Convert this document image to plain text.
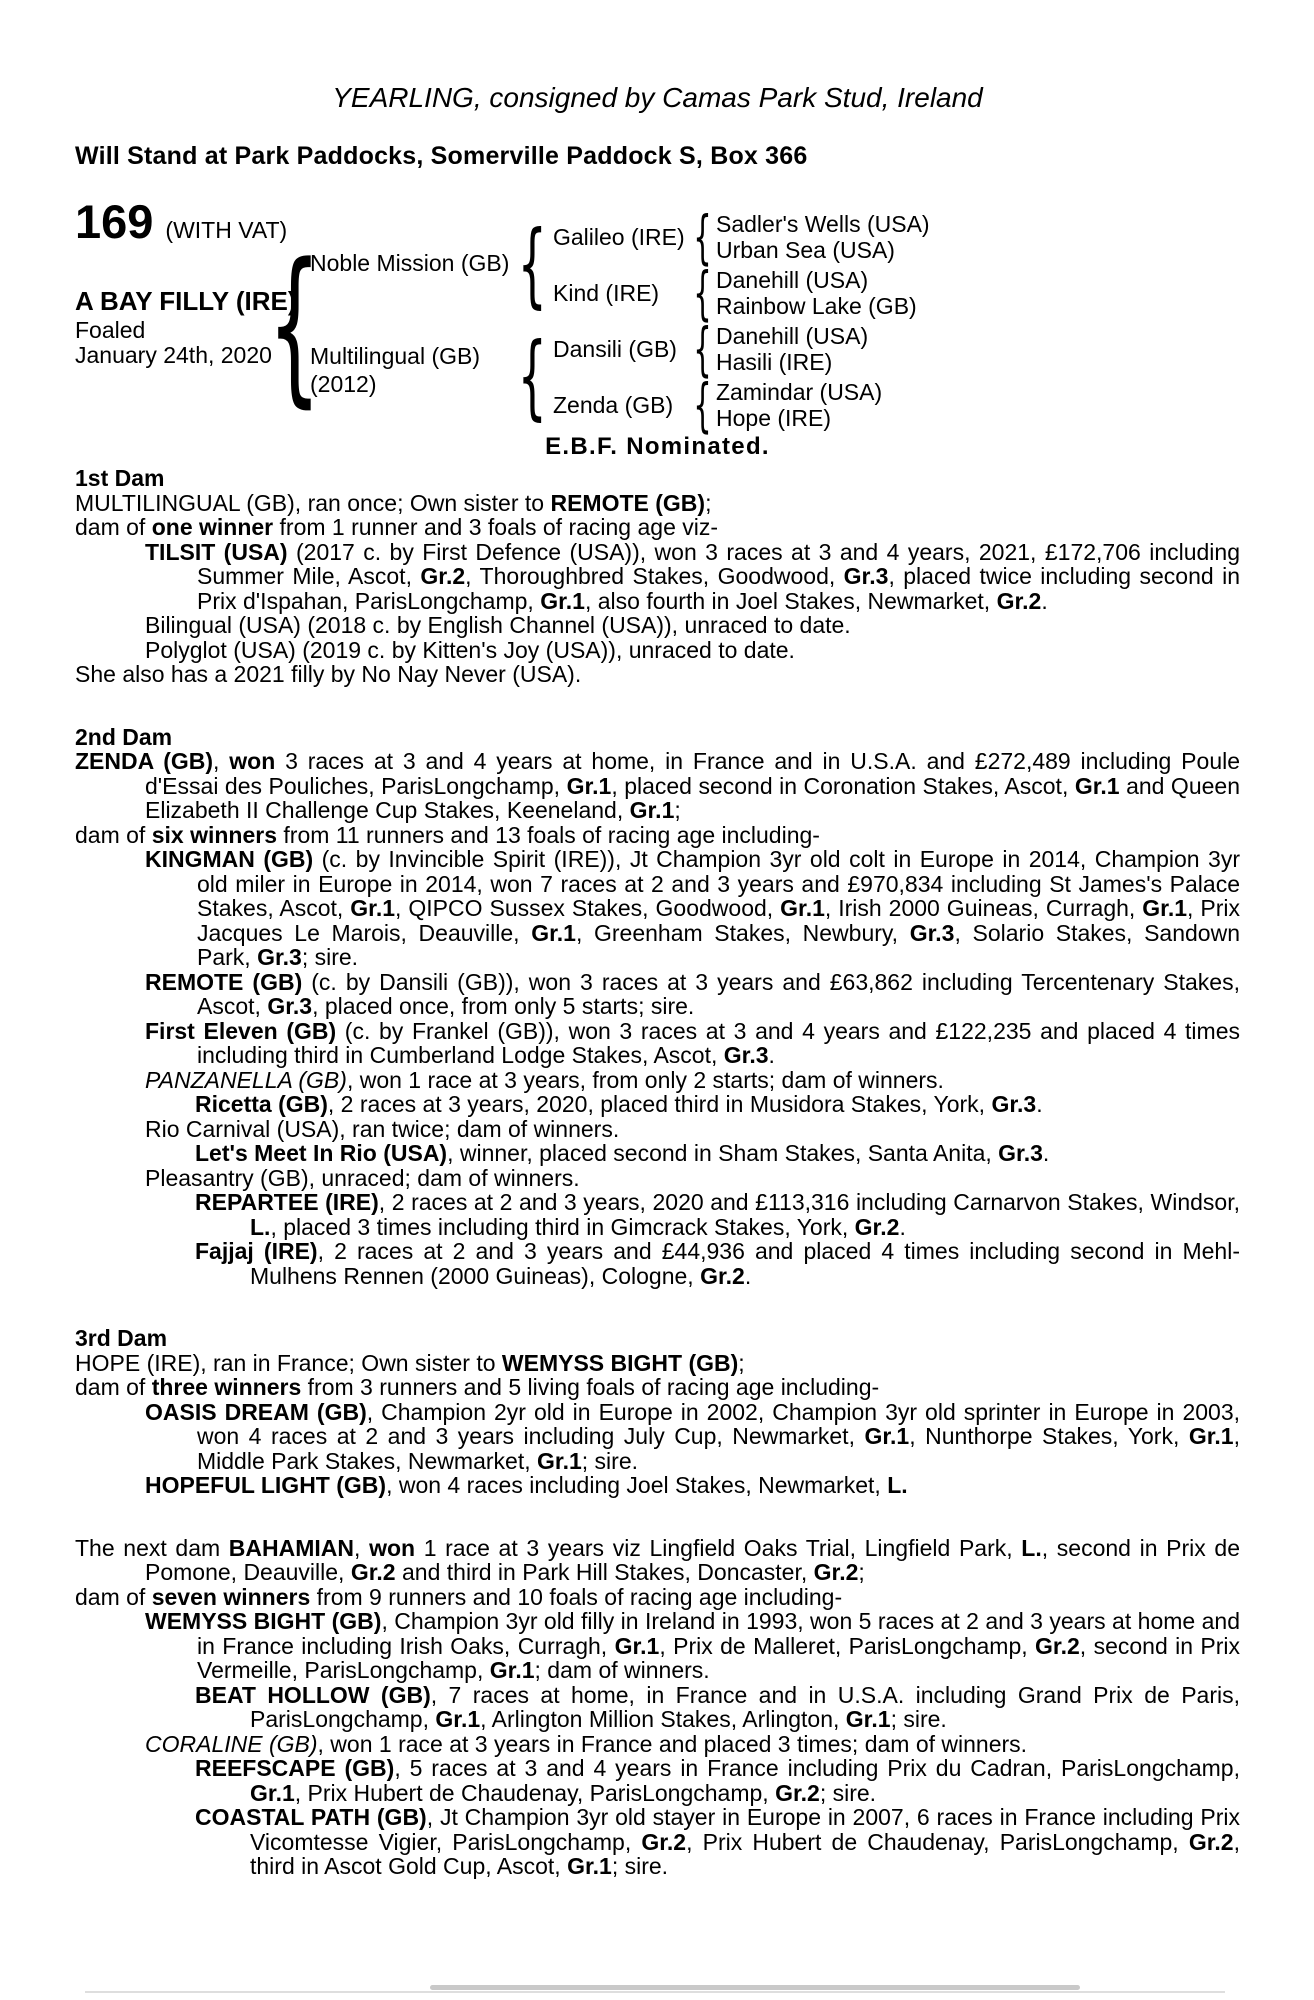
YEARLING, consigned by Camas Park Stud, Ireland
Will Stand at Park Paddocks, Somerville Paddock S, Box 366
169 (WITH VAT)
A BAY FILLY (IRE)
Foaled
January 24th, 2020
{
Noble Mission (GB)
Multilingual (GB)
(2012)
{
{
Galileo (IRE)
Kind (IRE)
Dansili (GB)
Zenda (GB)
{
{
{
{
Sadler's Wells (USA)
Urban Sea (USA)
Danehill (USA)
Rainbow Lake (GB)
Danehill (USA)
Hasili (IRE)
Zamindar (USA)
Hope (IRE)
E.B.F. Nominated.
1st Dam

MULTILINGUAL (GB), ran once; Own sister to REMOTE (GB);

dam of one winner from 1 runner and 3 foals of racing age viz-

TILSIT (USA) (2017 c. by First Defence (USA)), won 3 races at 3 and 4 years, 2021, £172,706 including Summer Mile, Ascot, Gr.2, Thoroughbred Stakes, Goodwood, Gr.3, placed twice including second in Prix d'Ispahan, ParisLongchamp, Gr.1, also fourth in Joel Stakes, Newmarket, Gr.2.

Bilingual (USA) (2018 c. by English Channel (USA)), unraced to date.

Polyglot (USA) (2019 c. by Kitten's Joy (USA)), unraced to date.

She also has a 2021 filly by No Nay Never (USA).

2nd Dam

ZENDA (GB), won 3 races at 3 and 4 years at home, in France and in U.S.A. and £272,489 including Poule d'Essai des Pouliches, ParisLongchamp, Gr.1, placed second in Coronation Stakes, Ascot, Gr.1 and Queen Elizabeth II Challenge Cup Stakes, Keeneland, Gr.1;

dam of six winners from 11 runners and 13 foals of racing age including-

KINGMAN (GB) (c. by Invincible Spirit (IRE)), Jt Champion 3yr old colt in Europe in 2014, Champion 3yr old miler in Europe in 2014, won 7 races at 2 and 3 years and £970,834 including St James's Palace Stakes, Ascot, Gr.1, QIPCO Sussex Stakes, Goodwood, Gr.1, Irish 2000 Guineas, Curragh, Gr.1, Prix Jacques Le Marois, Deauville, Gr.1, Greenham Stakes, Newbury, Gr.3, Solario Stakes, Sandown Park, Gr.3; sire.

REMOTE (GB) (c. by Dansili (GB)), won 3 races at 3 years and £63,862 including Tercentenary Stakes, Ascot, Gr.3, placed once, from only 5 starts; sire.

First Eleven (GB) (c. by Frankel (GB)), won 3 races at 3 and 4 years and £122,235 and placed 4 times including third in Cumberland Lodge Stakes, Ascot, Gr.3.

PANZANELLA (GB), won 1 race at 3 years, from only 2 starts; dam of winners.

Ricetta (GB), 2 races at 3 years, 2020, placed third in Musidora Stakes, York, Gr.3.

Rio Carnival (USA), ran twice; dam of winners.

Let's Meet In Rio (USA), winner, placed second in Sham Stakes, Santa Anita, Gr.3.

Pleasantry (GB), unraced; dam of winners.

REPARTEE (IRE), 2 races at 2 and 3 years, 2020 and £113,316 including Carnarvon Stakes, Windsor, L., placed 3 times including third in Gimcrack Stakes, York, Gr.2.

Fajjaj (IRE), 2 races at 2 and 3 years and £44,936 and placed 4 times including second in Mehl-Mulhens Rennen (2000 Guineas), Cologne, Gr.2.

3rd Dam

HOPE (IRE), ran in France; Own sister to WEMYSS BIGHT (GB);

dam of three winners from 3 runners and 5 living foals of racing age including-

OASIS DREAM (GB), Champion 2yr old in Europe in 2002, Champion 3yr old sprinter in Europe in 2003, won 4 races at 2 and 3 years including July Cup, Newmarket, Gr.1, Nunthorpe Stakes, York, Gr.1, Middle Park Stakes, Newmarket, Gr.1; sire.

HOPEFUL LIGHT (GB), won 4 races including Joel Stakes, Newmarket, L.

The next dam BAHAMIAN, won 1 race at 3 years viz Lingfield Oaks Trial, Lingfield Park, L., second in Prix de Pomone, Deauville, Gr.2 and third in Park Hill Stakes, Doncaster, Gr.2;

dam of seven winners from 9 runners and 10 foals of racing age including-

WEMYSS BIGHT (GB), Champion 3yr old filly in Ireland in 1993, won 5 races at 2 and 3 years at home and in France including Irish Oaks, Curragh, Gr.1, Prix de Malleret, ParisLongchamp, Gr.2, second in Prix Vermeille, ParisLongchamp, Gr.1; dam of winners.

BEAT HOLLOW (GB), 7 races at home, in France and in U.S.A. including Grand Prix de Paris, ParisLongchamp, Gr.1, Arlington Million Stakes, Arlington, Gr.1; sire.

CORALINE (GB), won 1 race at 3 years in France and placed 3 times; dam of winners.

REEFSCAPE (GB), 5 races at 3 and 4 years in France including Prix du Cadran, ParisLongchamp, Gr.1, Prix Hubert de Chaudenay, ParisLongchamp, Gr.2; sire.

COASTAL PATH (GB), Jt Champion 3yr old stayer in Europe in 2007, 6 races in France including Prix Vicomtesse Vigier, ParisLongchamp, Gr.2, Prix Hubert de Chaudenay, ParisLongchamp, Gr.2, third in Ascot Gold Cup, Ascot, Gr.1; sire.
